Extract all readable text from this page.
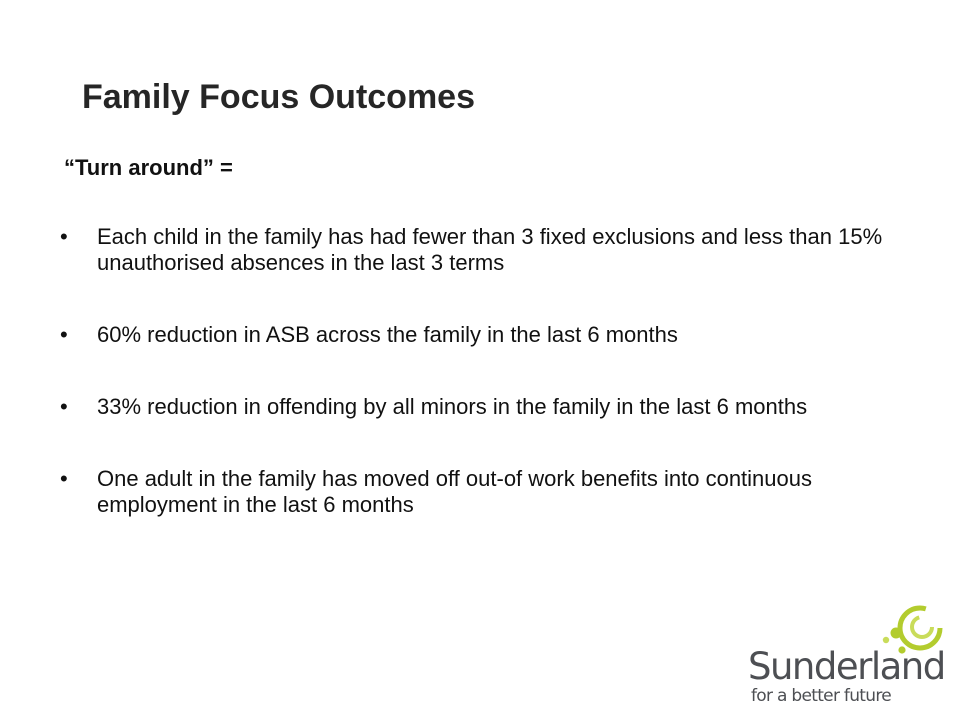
Family Focus Outcomes
“Turn around” =
• Each child in the family has had fewer than 3 fixed exclusions and less than 15% unauthorised absences in the last 3 terms
• 60% reduction in ASB across the family in the last 6 months
• 33% reduction in offending by all minors in the family in the last 6 months
• One adult in the family has moved off out-of work benefits into continuous employment in the last 6 months
Sunderland
for a better future
